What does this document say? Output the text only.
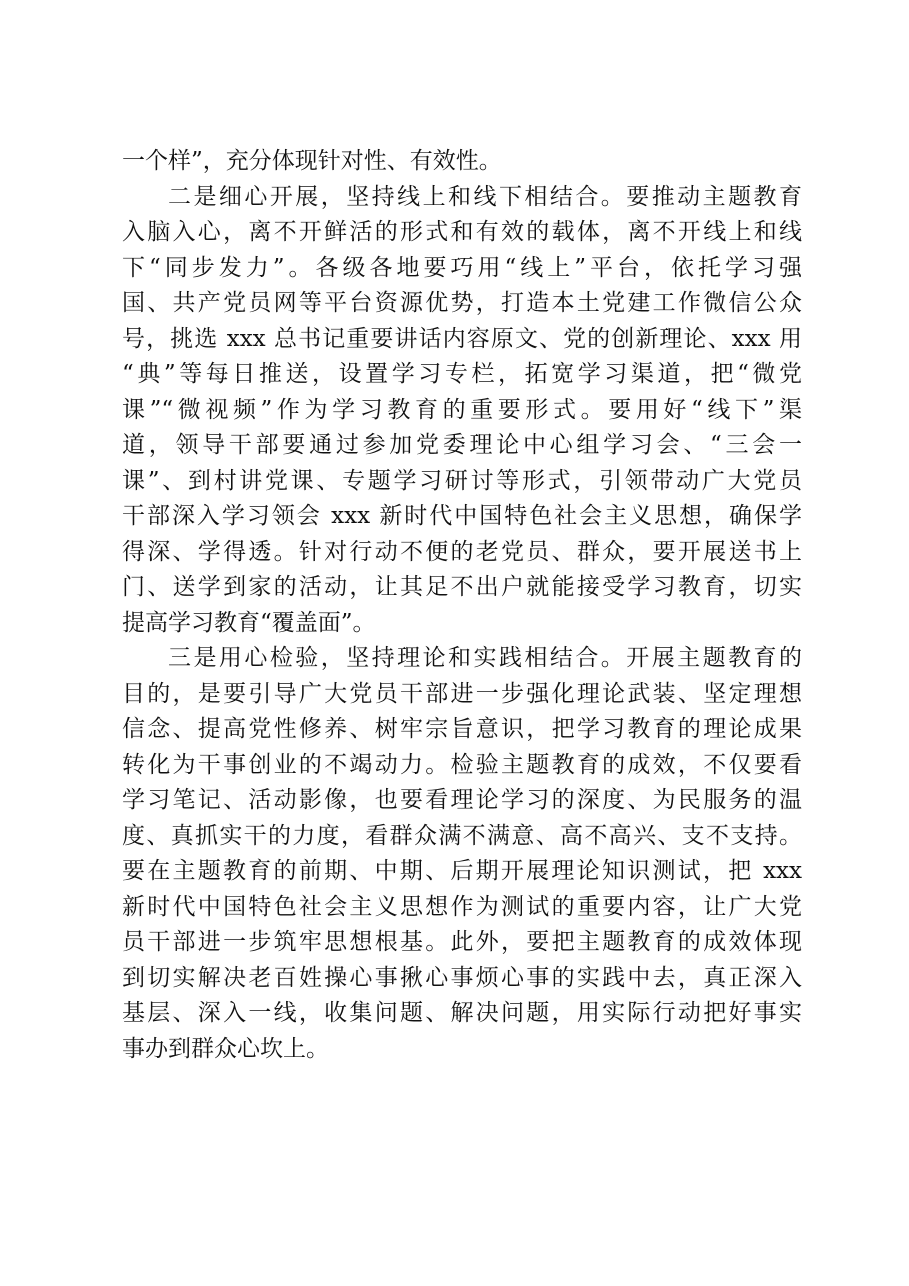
一个样”，充分体现针对性、有效性。
二是细心开展，坚持线上和线下相结合。要推动主题教育
入脑入心，离不开鲜活的形式和有效的载体，离不开线上和线
下“同步发力”。各级各地要巧用“线上”平台，依托学习强
国、共产党员网等平台资源优势，打造本土党建工作微信公众
号，挑选 xxx 总书记重要讲话内容原文、党的创新理论、xxx 用
“典”等每日推送，设置学习专栏，拓宽学习渠道，把“微党
课”“微视频”作为学习教育的重要形式。要用好“线下”渠
道，领导干部要通过参加党委理论中心组学习会、“三会一
课”、到村讲党课、专题学习研讨等形式，引领带动广大党员
干部深入学习领会 xxx 新时代中国特色社会主义思想，确保学
得深、学得透。针对行动不便的老党员、群众，要开展送书上
门、送学到家的活动，让其足不出户就能接受学习教育，切实
提高学习教育“覆盖面”。
三是用心检验，坚持理论和实践相结合。开展主题教育的
目的，是要引导广大党员干部进一步强化理论武装、坚定理想
信念、提高党性修养、树牢宗旨意识，把学习教育的理论成果
转化为干事创业的不竭动力。检验主题教育的成效，不仅要看
学习笔记、活动影像，也要看理论学习的深度、为民服务的温
度、真抓实干的力度，看群众满不满意、高不高兴、支不支持。
要在主题教育的前期、中期、后期开展理论知识测试，把 xxx
新时代中国特色社会主义思想作为测试的重要内容，让广大党
员干部进一步筑牢思想根基。此外，要把主题教育的成效体现
到切实解决老百姓操心事揪心事烦心事的实践中去，真正深入
基层、深入一线，收集问题、解决问题，用实际行动把好事实
事办到群众心坎上。
